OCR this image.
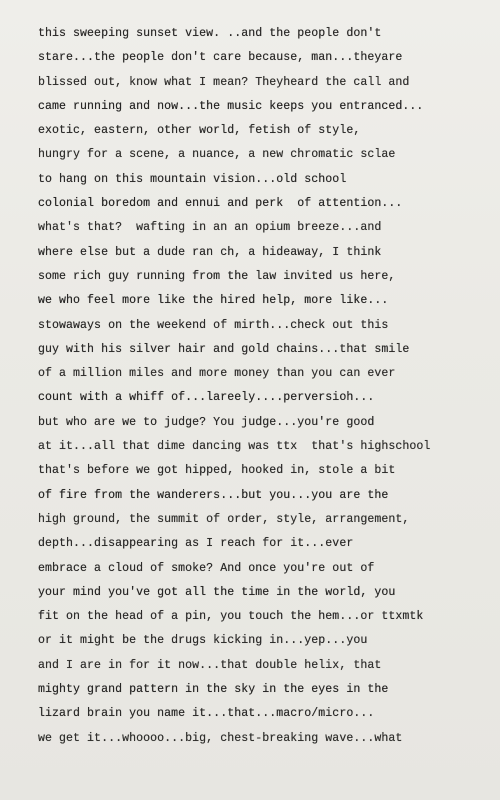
this sweeping sunset view. ..and the people don't
stare...the people don't care because, man...theyare
blissed out, know what I mean? Theyheard the call and
came running and now...the music keeps you entranced...
exotic, eastern, other world, fetish of style,
hungry for a scene, a nuance, a new chromatic sclae
to hang on this mountain vision...old school
colonial boredom and ennui and perk  of attention...
what's that?  wafting in an an opium breeze...and
where else but a dude ran ch, a hideaway, I think
some rich guy running from the law invited us here,
we who feel more like the hired help, more like...
stowaways on the weekend of mirth...check out this
guy with his silver hair and gold chains...that smile
of a million miles and more money than you can ever
count with a whiff of...lareely....perversioh...
but who are we to judge? You judge...you're good
at it...all that dime dancing was ttx  that's highschool
that's before we got hipped, hooked in, stole a bit
of fire from the wanderers...but you...you are the
high ground, the summit of order, style, arrangement,
depth...disappearing as I reach for it...ever
embrace a cloud of smoke? And once you're out of
your mind you've got all the time in the world, you
fit on the head of a pin, you touch the hem...or ttxmtk
or it might be the drugs kicking in...yep...you
and I are in for it now...that double helix, that
mighty grand pattern in the sky in the eyes in the
lizard brain you name it...that...macro/micro...
we get it...whoooo...big, chest-breaking wave...what
